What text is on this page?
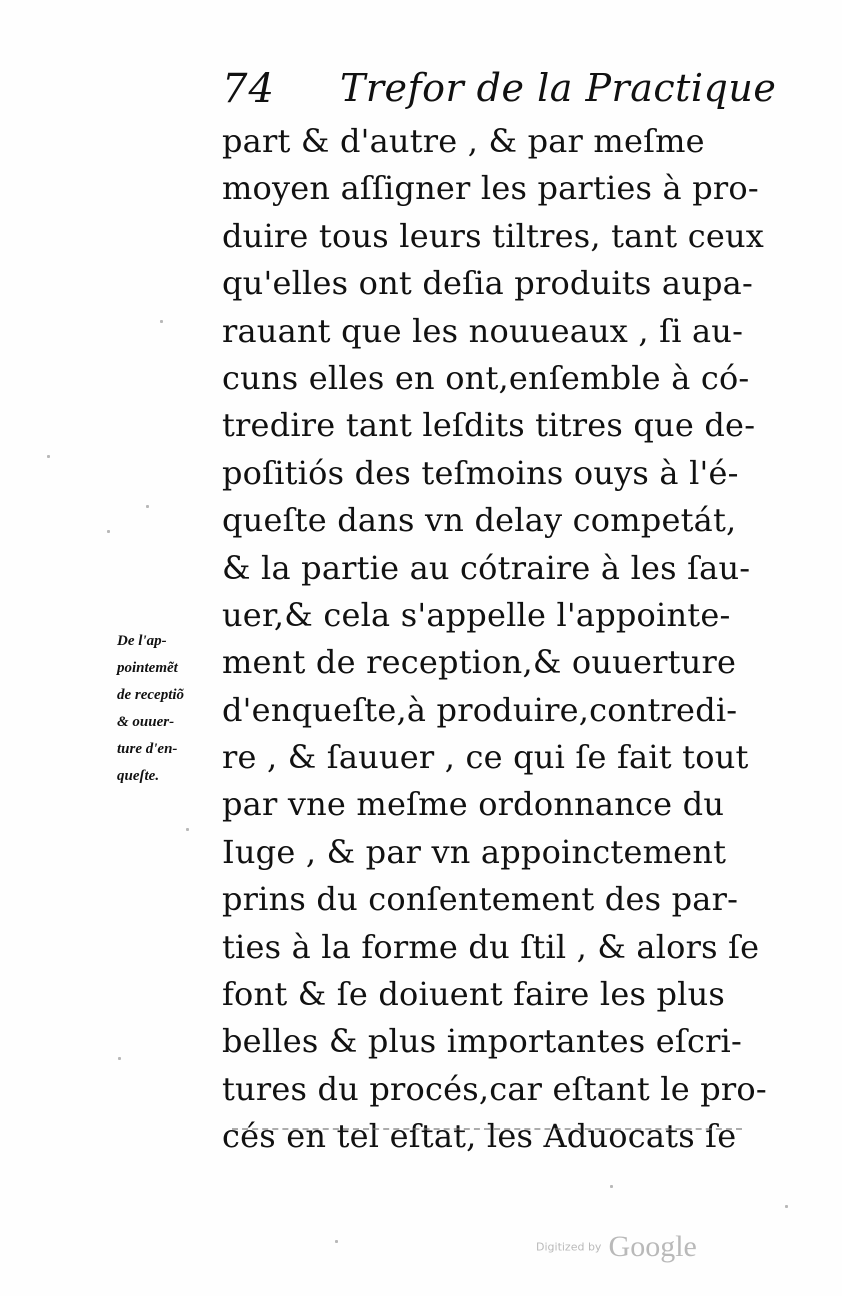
74 Trefor de la Practique
part & d'autre , & par meſme
moyen aſſigner les parties à pro-
duire tous leurs tiltres, tant ceux
qu'elles ont deſia produits aupa-
rauant que les nouueaux , ſi au-
cuns elles en ont,enſemble à có-
tredire tant leſdits titres que de-
poſitiós des teſmoins ouys à l'é-
queſte dans vn delay competát,
& la partie au cótraire à les ſau-
uer,& cela s'appelle l'appointe-
ment de reception,& ouuerture
d'enqueſte,à produire,contredi-
re , & ſauuer , ce qui ſe fait tout
par vne meſme ordonnance du
Iuge , & par vn appoinctement
prins du conſentement des par-
ties à la forme du ſtil , & alors ſe
font & ſe doiuent faire les plus
belles & plus importantes eſcri-
tures du procés,car eſtant le pro-
cés en tel eſtat, les Aduocats ſe
De l'ap-
pointemẽt
de receptiõ
& ouuer-
ture d'en-
queſte.
Digitized by Google
